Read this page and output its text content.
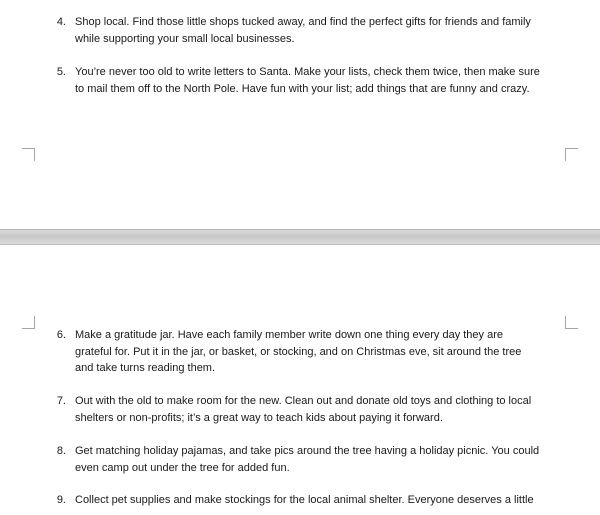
4. Shop local. Find those little shops tucked away, and find the perfect gifts for friends and family
while supporting your small local businesses.
5. You’re never too old to write letters to Santa. Make your lists, check them twice, then make sure
to mail them off to the North Pole. Have fun with your list; add things that are funny and crazy.
6. Make a gratitude jar. Have each family member write down one thing every day they are
grateful for. Put it in the jar, or basket, or stocking, and on Christmas eve, sit around the tree
and take turns reading them.
7. Out with the old to make room for the new. Clean out and donate old toys and clothing to local
shelters or non-profits; it’s a great way to teach kids about paying it forward.
8. Get matching holiday pajamas, and take pics around the tree having a holiday picnic. You could
even camp out under the tree for added fun.
9. Collect pet supplies and make stockings for the local animal shelter. Everyone deserves a little
